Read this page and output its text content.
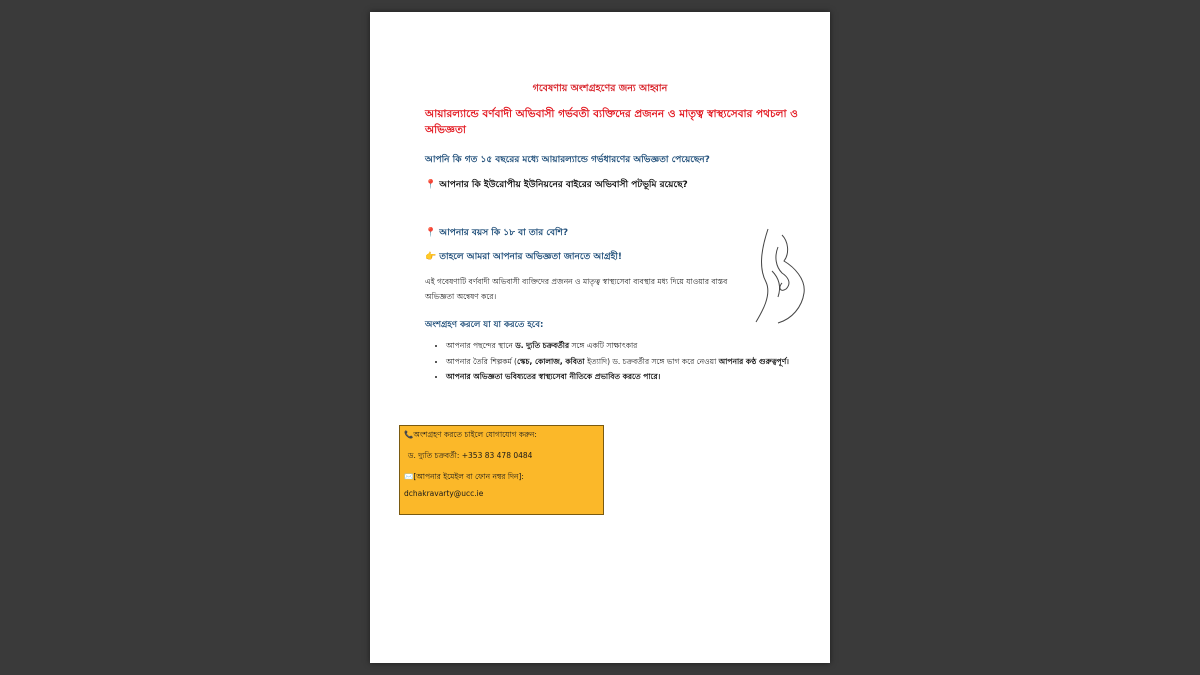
গবেষণায় অংশগ্রহণের জন্য আহ্বান
আয়ারল্যান্ডে বর্ণবাদী অভিবাসী গর্ভবতী ব্যক্তিদের প্রজনন ও মাতৃত্ব স্বাস্থ্যসেবার পথচলা ও অভিজ্ঞতা
আপনি কি গত ১৫ বছরের মধ্যে আয়ারল্যান্ডে গর্ভধারণের অভিজ্ঞতা পেয়েছেন?
📍 আপনার কি ইউরোপীয় ইউনিয়নের বাইরের অভিবাসী পটভূমি রয়েছে?
📍 আপনার বয়স কি ১৮ বা তার বেশি?
👉 তাহলে আমরা আপনার অভিজ্ঞতা জানতে আগ্রহী!
এই গবেষণাটি বর্ণবাদী অভিবাসী ব্যক্তিদের প্রজনন ও মাতৃত্ব স্বাস্থ্যসেবা ব্যবস্থার মধ্য দিয়ে যাওয়ার বাস্তব অভিজ্ঞতা অন্বেষণ করে।
অংশগ্রহণ করলে যা যা করতে হবে:
• আপনার পছন্দের স্থানে ড. দ্যুতি চক্রবর্তীর সঙ্গে একটি সাক্ষাৎকার
• আপনার তৈরি শিল্পকর্ম (স্কেচ, কোলাজ, কবিতা ইত্যাদি) ড. চক্রবর্তীর সঙ্গে ভাগ করে নেওয়া আপনার কণ্ঠ গুরুত্বপূর্ণ।
• আপনার অভিজ্ঞতা ভবিষ্যতের স্বাস্থ্যসেবা নীতিকে প্রভাবিত করতে পারে।
📞অংশগ্রহণ করতে চাইলে যোগাযোগ করুন:
ড. দ্যুতি চক্রবর্তী: +353 83 478 0484
✉️[আপনার ইমেইল বা ফোন নম্বর দিন]:
dchakravarty@ucc.ie
